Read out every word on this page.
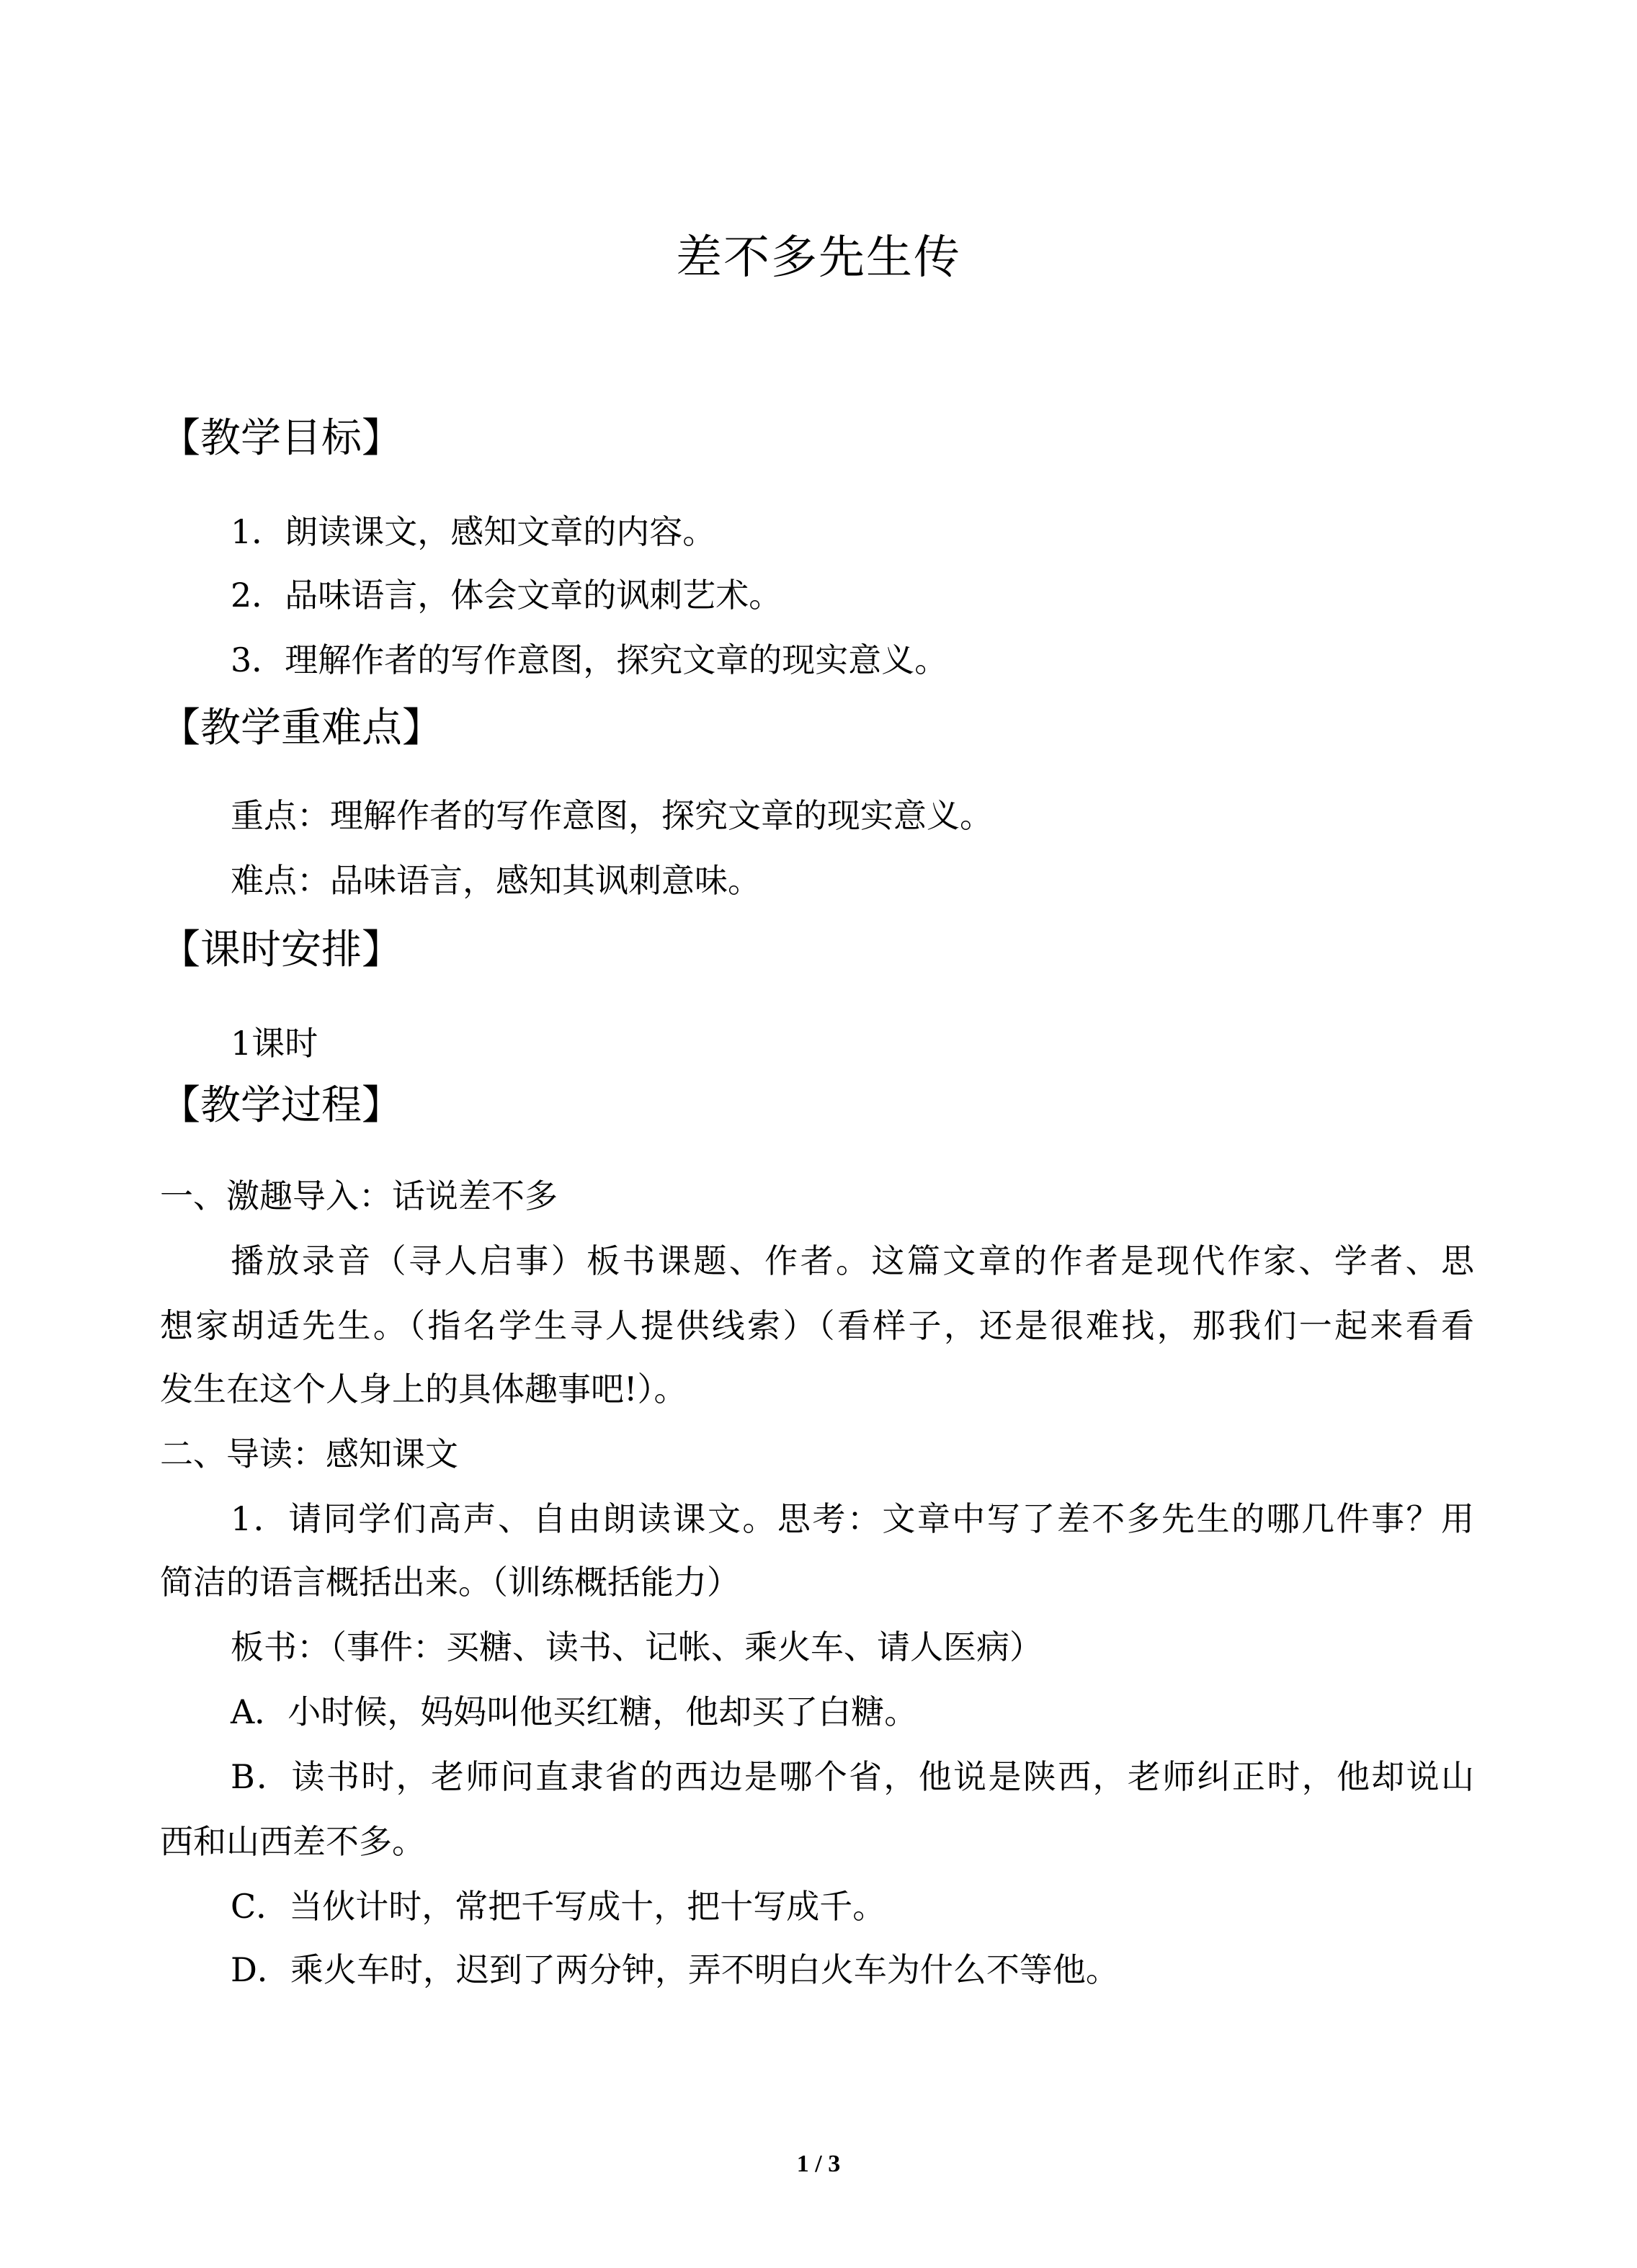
差不多先生传
【教学目标】
1．朗读课文，感知文章的内容。
2．品味语言，体会文章的讽刺艺术。
3．理解作者的写作意图，探究文章的现实意义。
【教学重难点】
重点：理解作者的写作意图，探究文章的现实意义。
难点：品味语言，感知其讽刺意味。
【课时安排】
1课时
【教学过程】
一、激趣导入：话说差不多
播放录音（寻人启事）板书课题、作者。这篇文章的作者是现代作家、学者、思
想家胡适先生。（指名学生寻人提供线索）（看样子，还是很难找，那我们一起来看看
发生在这个人身上的具体趣事吧!）。
二、导读：感知课文
1．请同学们高声、自由朗读课文。思考：文章中写了差不多先生的哪几件事？用
简洁的语言概括出来。（训练概括能力）
板书：（事件：买糖、读书、记帐、乘火车、请人医病）
A．小时候，妈妈叫他买红糖，他却买了白糖。
B．读书时，老师问直隶省的西边是哪个省，他说是陕西，老师纠正时，他却说山
西和山西差不多。
C．当伙计时，常把千写成十，把十写成千。
D．乘火车时，迟到了两分钟，弄不明白火车为什么不等他。
1 / 3
